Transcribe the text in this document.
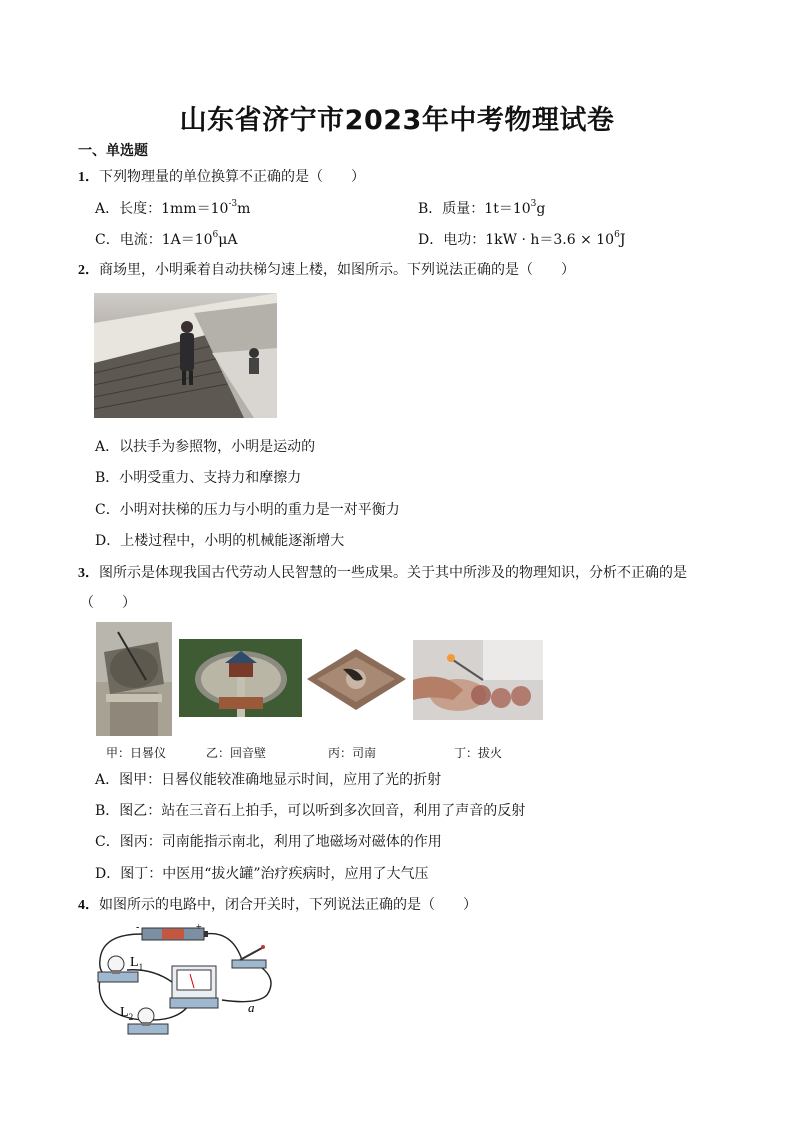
山东省济宁市2023年中考物理试卷
一、单选题
1．下列物理量的单位换算不正确的是（　　）
A．长度：$1mm=10^{-3}m$	B．质量：$1t=10^3g$
C．电流：$1A=10^6\mu A$	D．电功：$1kW \cdot h=3.6 \times 10^6J$
2．商场里，小明乘着自动扶梯匀速上楼，如图所示。下列说法正确的是（　　）
A．以扶手为参照物，小明是运动的
B．小明受重力、支持力和摩擦力
C．小明对扶梯的压力与小明的重力是一对平衡力
D．上楼过程中，小明的机械能逐渐增大
3．图所示是体现我国古代劳动人民智慧的一些成果。关于其中所涉及的物理知识，分析不正确的是
（　　）
甲：日晷仪	乙：回音壁	丙：司南	丁：拔火
A．图甲：日晷仪能较准确地显示时间，应用了光的折射
B．图乙：站在三音石上拍手，可以听到多次回音，利用了声音的反射
C．图丙：司南能指示南北，利用了地磁场对磁体的作用
D．图丁：中医用“拔火罐”治疗疾病时，应用了大气压
4．如图所示的电路中，闭合开关时，下列说法正确的是（　　）
-	+
$L_1$
$L_2$
a
